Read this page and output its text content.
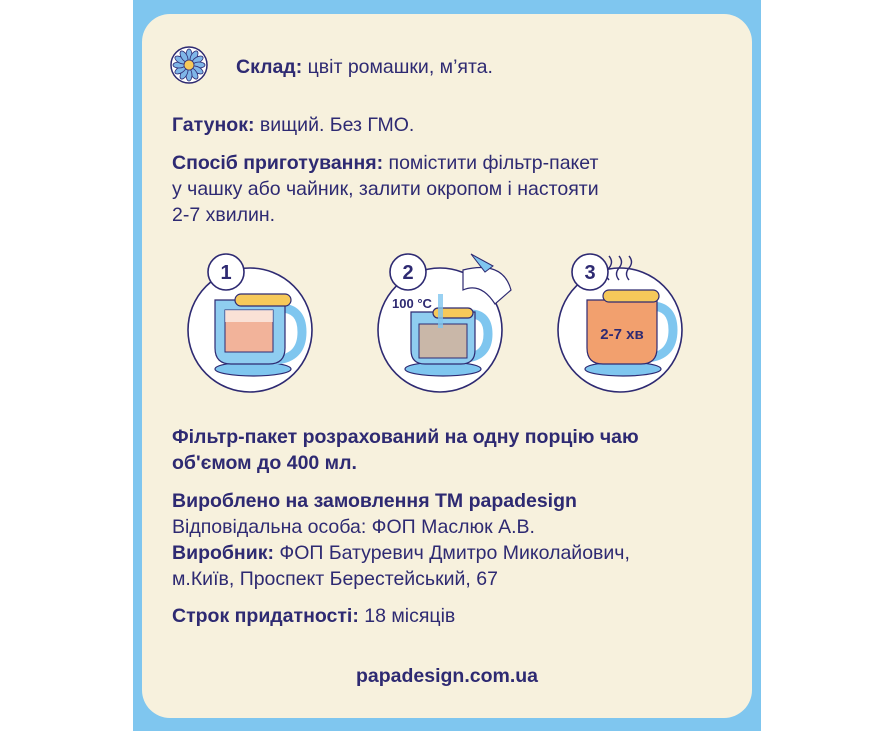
Склад: цвіт ромашки, м’ята.
Гатунок: вищий. Без ГМО.
Спосіб приготування: помістити фільтр-пакет
у чашку або чайник, залити окропом і настояти
2-7 хвилин.
1	2
100 °C
3
2-7 хв
Фільтр-пакет розрахований на одну порцію чаю
об'ємом до 400 мл.
Вироблено на замовлення ТМ papadesign
Відповідальна особа: ФОП Маслюк А.В.
Виробник: ФОП Батуревич Дмитро Миколайович,
м.Київ, Проспект Берестейський, 67
Строк придатності: 18 місяців
papadesign.com.ua
